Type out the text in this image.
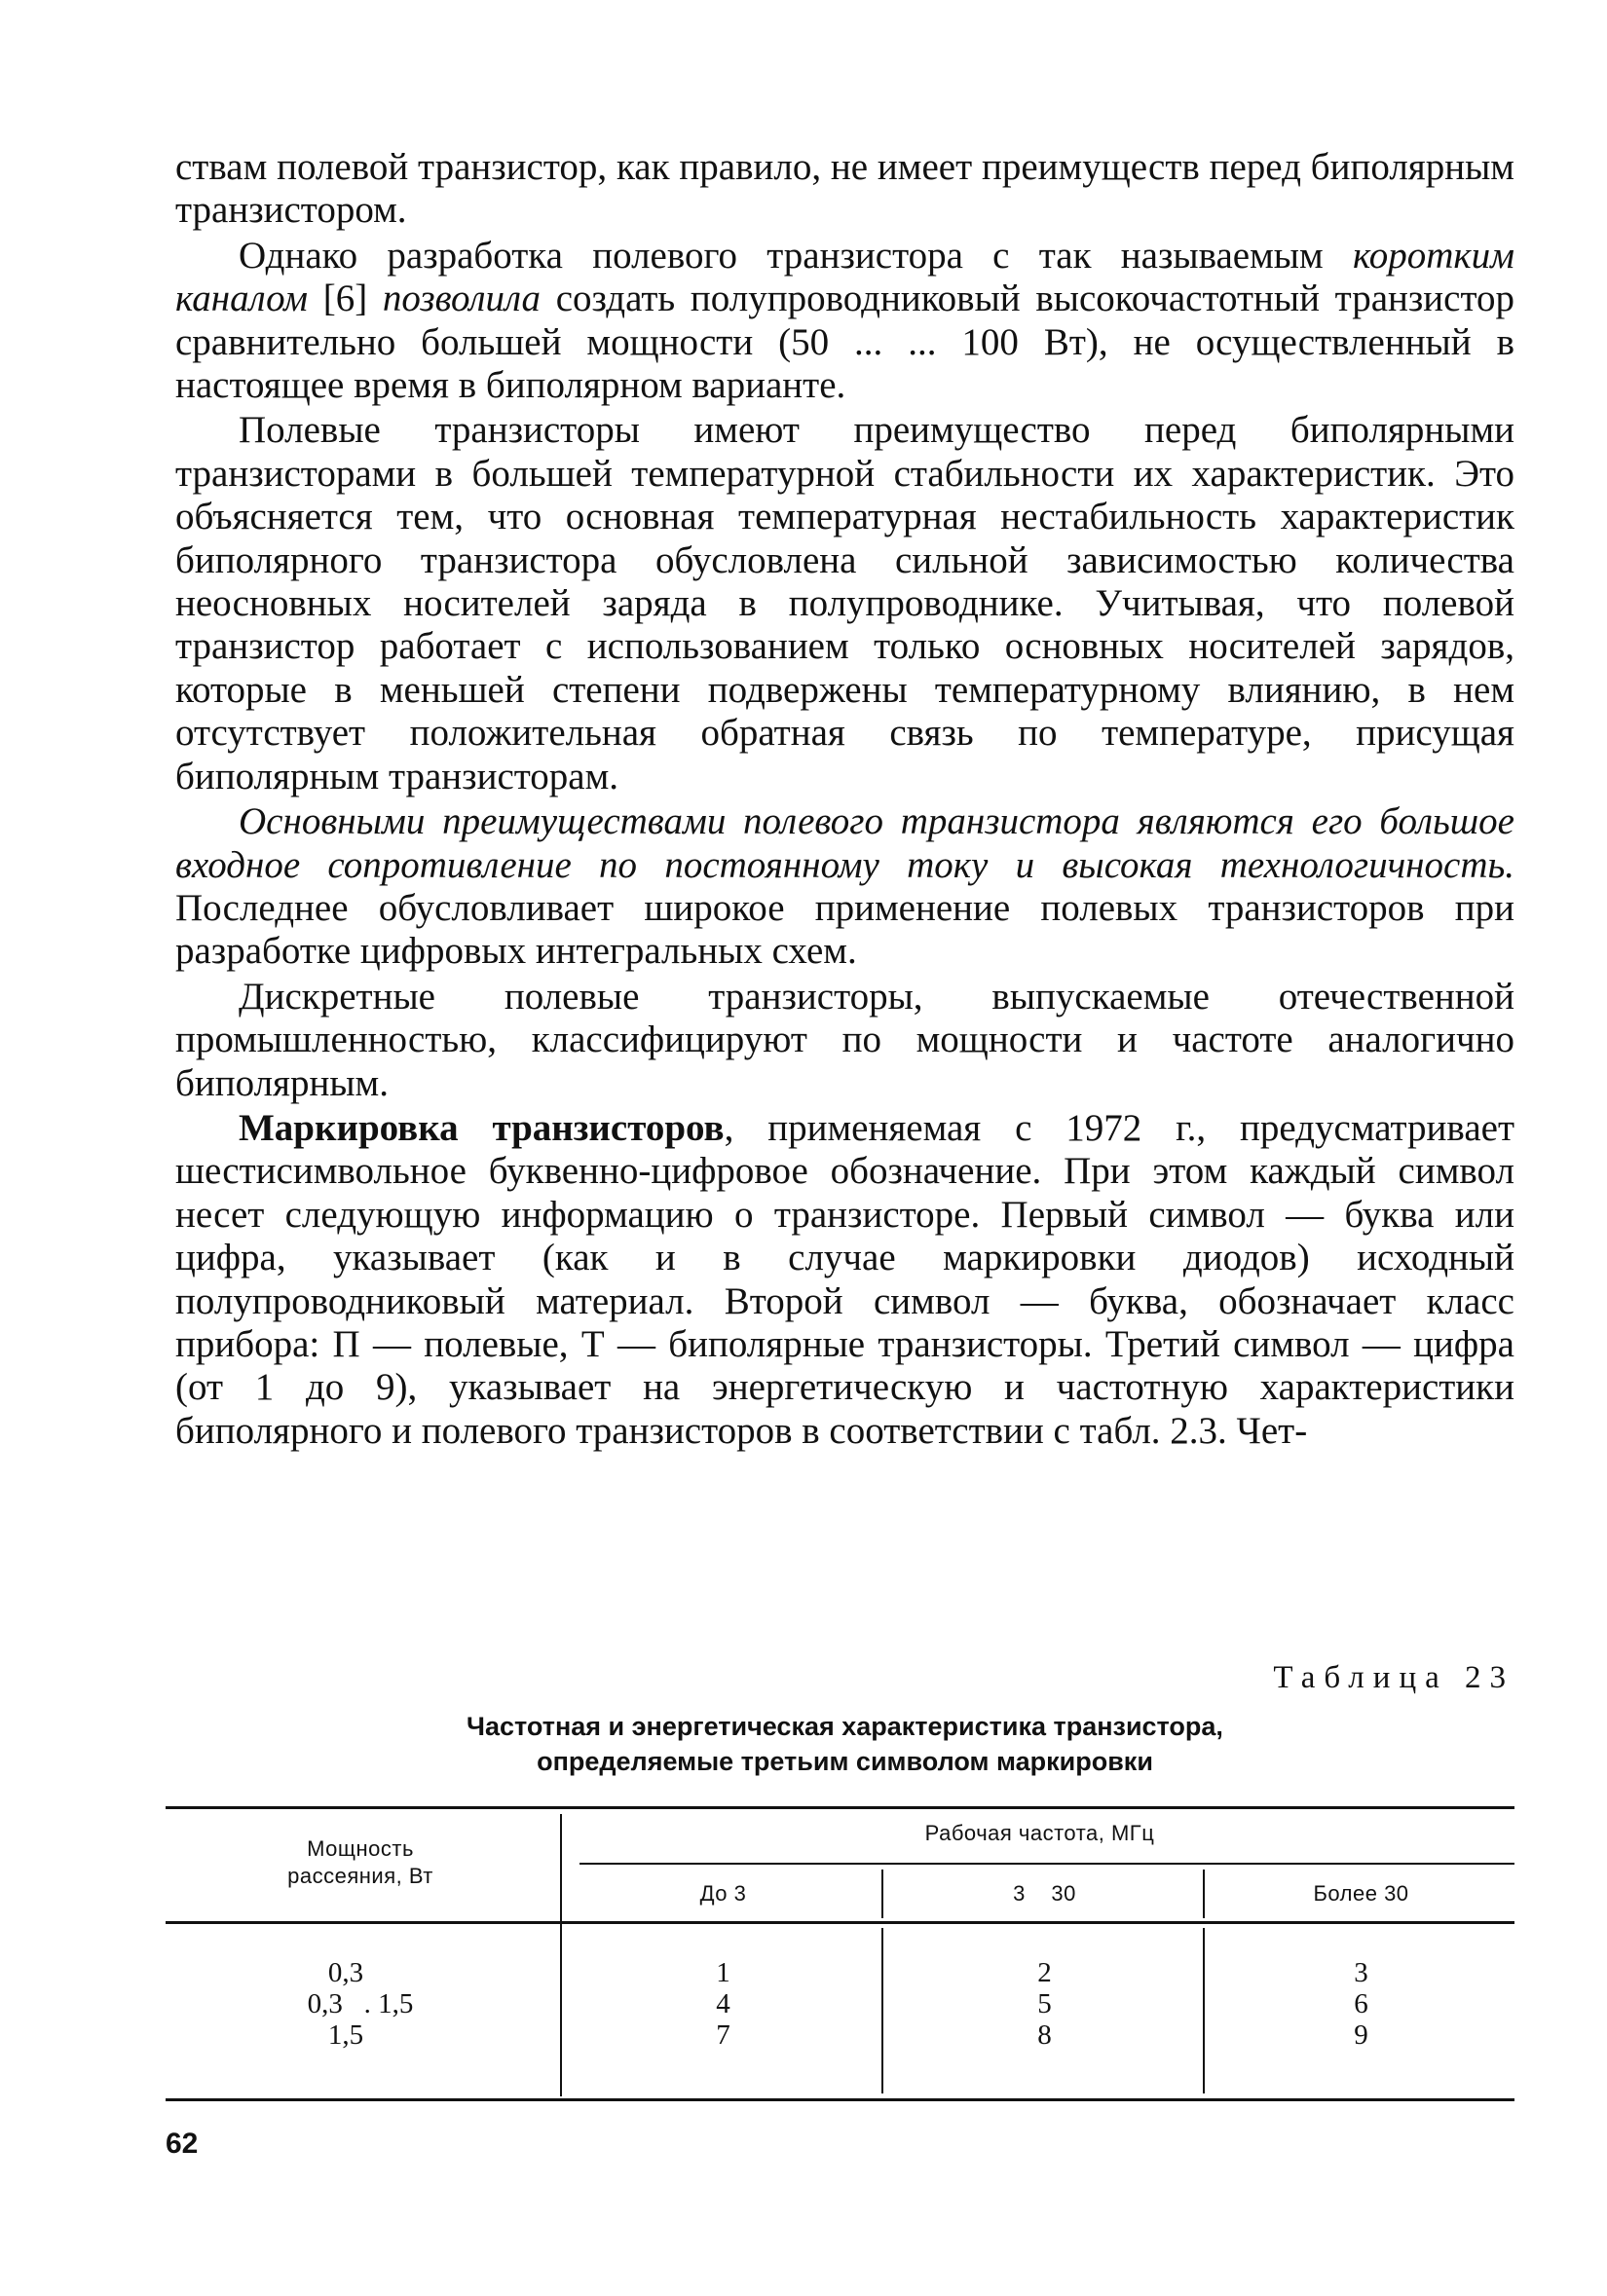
ствам полевой транзистор, как правило, не имеет преимуществ перед биполярным транзистором.

Однако разработка полевого транзистора с так называемым коротким каналом [6] позволила создать полупроводниковый высокочастотный транзистор сравнительно большей мощности (50 ... ... 100 Вт), не осуществленный в настоящее время в биполярном варианте.

Полевые транзисторы имеют преимущество перед биполярными транзисторами в большей температурной стабильности их характеристик. Это объясняется тем, что основная температурная нестабильность характеристик биполярного транзистора обусловлена сильной зависимостью количества неосновных носителей заряда в полупроводнике. Учитывая, что полевой транзистор работает с использованием только основных носителей зарядов, которые в меньшей степени подвержены температурному влиянию, в нем отсутствует положительная обратная связь по температуре, присущая биполярным транзисторам.

Основными преимуществами полевого транзистора являются его большое входное сопротивление по постоянному току и высокая технологичность. Последнее обусловливает широкое применение полевых транзисторов при разработке цифровых интегральных схем.

Дискретные полевые транзисторы, выпускаемые отечественной промышленностью, классифицируют по мощности и частоте аналогично биполярным.

Маркировка транзисторов, применяемая с 1972 г., предусматривает шестисимвольное буквенно-цифровое обозначение. При этом каждый символ несет следующую информацию о транзисторе. Первый символ — буква или цифра, указывает (как и в случае маркировки диодов) исходный полупроводниковый материал. Второй символ — буква, обозначает класс прибора: П — полевые, Т — биполярные транзисторы. Третий символ — цифра (от 1 до 9), указывает на энергетическую и частотную характеристики биполярного и полевого транзисторов в соответствии с табл. 2.3. Чет-

Таблица 23
Частотная и энергетическая характеристика транзистора,
определяемые третьим символом маркировки
Мощность
рассеяния, Вт
Рабочая частота, МГц
До 3	3    30	Более 30
0,3
0,3   . 1,5
1,5
1
4
7
2
5
8
3
6
9
62
